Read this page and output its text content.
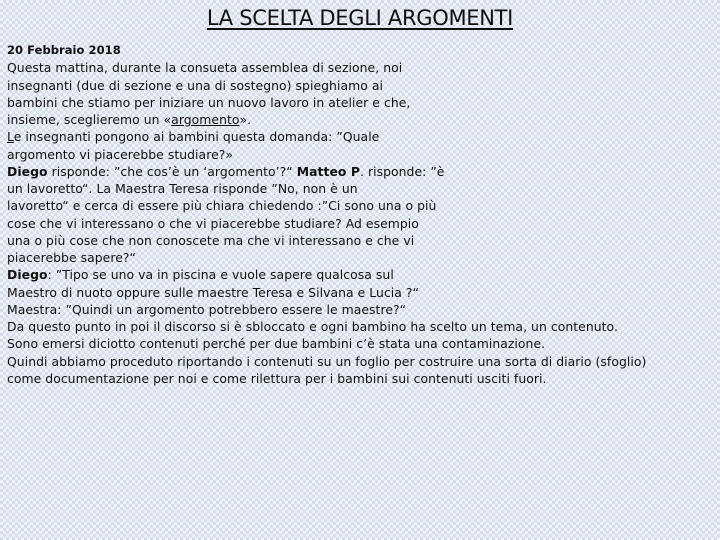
LA SCELTA DEGLI ARGOMENTI
20 Febbraio 2018
Questa mattina, durante la consueta assemblea di sezione, noi
insegnanti (due di sezione e una di sostegno) spieghiamo ai
bambini che stiamo per iniziare un nuovo lavoro in atelier e che,
insieme, sceglieremo un «argomento».
Le insegnanti pongono ai bambini questa domanda: ”Quale
argomento vi piacerebbe studiare?»
Diego risponde: ”che cos’è un ‘argomento’?“ Matteo P. risponde: ”è
un lavoretto“. La Maestra Teresa risponde ”No, non è un
lavoretto“ e cerca di essere più chiara chiedendo :”Ci sono una o più
cose che vi interessano o che vi piacerebbe studiare? Ad esempio
una o più cose che non conoscete ma che vi interessano e che vi
piacerebbe sapere?“
Diego: ”Tipo se uno va in piscina e vuole sapere qualcosa sul
Maestro di nuoto oppure sulle maestre Teresa e Silvana e Lucia ?“
Maestra: ”Quindi un argomento potrebbero essere le maestre?“
Da questo punto in poi il discorso si è sbloccato e ogni bambino ha scelto un tema, un contenuto.
Sono emersi diciotto contenuti perché per due bambini c’è stata una contaminazione.
Quindi abbiamo proceduto riportando i contenuti su un foglio per costruire una sorta di diario (sfoglio)
come documentazione per noi e come rilettura per i bambini sui contenuti usciti fuori.
